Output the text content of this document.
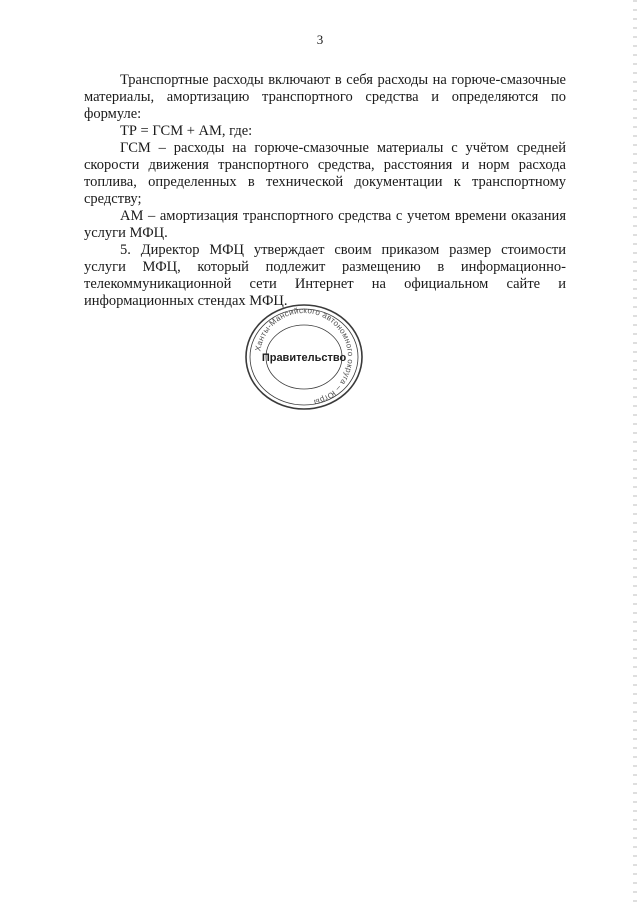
3

Транспортные расходы включают в себя расходы на горюче-смазочные материалы, амортизацию транспортного средства и определяются по формуле:

ТР = ГСМ + АМ, где:

ГСМ – расходы на горюче-смазочные материалы с учётом средней скорости движения транспортного средства, расстояния и норм расхода топлива, определенных в технической документации к транспортному средству;

АМ – амортизация транспортного средства с учетом времени оказания услуги МФЦ.

5. Директор МФЦ утверждает своим приказом размер стоимости услуги МФЦ, который подлежит размещению в информационно-телекоммуникационной сети Интернет на официальном сайте и информационных стендах МФЦ.

Ханты-Мансийского автономного округа – Югры
Правительство
